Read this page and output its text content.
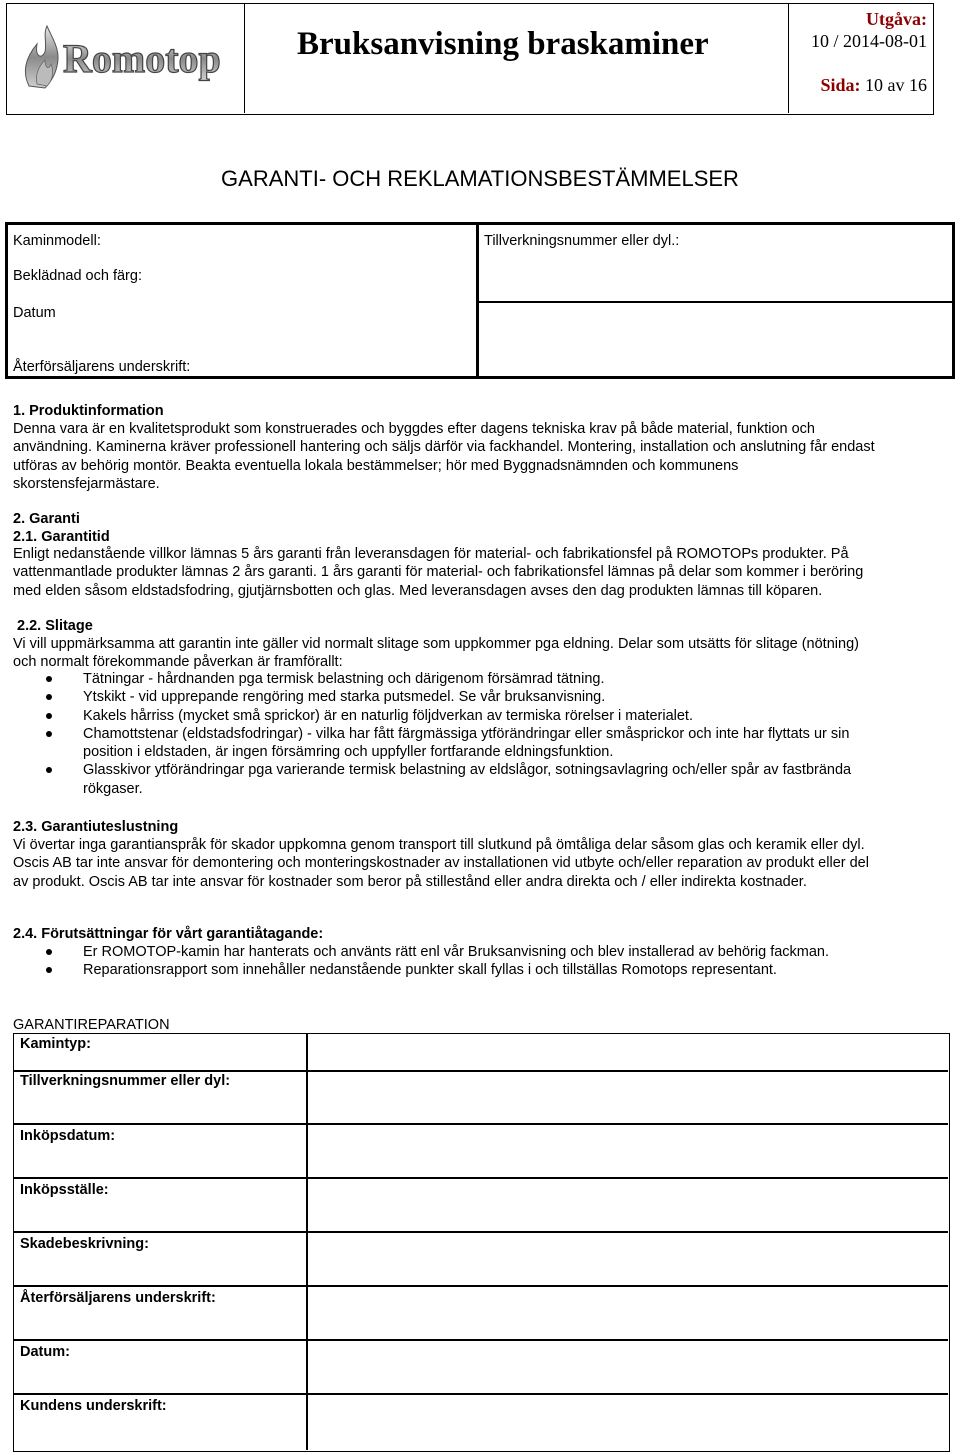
Romotop Bruksanvisning braskaminer
Utgåva:
10 / 2014-08-01
Sida: 10 av 16
GARANTI- OCH REKLAMATIONSBESTÄMMELSER
Kaminmodell:
Beklädnad och färg:
Datum
Återförsäljarens underskrift:
Tillverkningsnummer eller dyl.:
1. Produktinformation
Denna vara är en kvalitetsprodukt som konstruerades och byggdes efter dagens tekniska krav på både material, funktion och
användning. Kaminerna kräver professionell hantering och säljs därför via fackhandel. Montering, installation och anslutning får endast
utföras av behörig montör. Beakta eventuella lokala bestämmelser; hör med Byggnadsnämnden och kommunens
skorstensfejarmästare.
2. Garanti
2.1. Garantitid
Enligt nedanstående villkor lämnas 5 års garanti från leveransdagen för material- och fabrikationsfel på ROMOTOPs produkter. På
vattenmantlade produkter lämnas 2 års garanti. 1 års garanti för material- och fabrikationsfel lämnas på delar som kommer i beröring
med elden såsom eldstadsfodring, gjutjärnsbotten och glas. Med leveransdagen avses den dag produkten lämnas till köparen.
2.2. Slitage
Vi vill uppmärksamma att garantin inte gäller vid normalt slitage som uppkommer pga eldning. Delar som utsätts för slitage (nötning)
och normalt förekommande påverkan är framförallt:
Tätningar - hårdnanden pga termisk belastning och därigenom försämrad tätning.
Ytskikt - vid upprepande rengöring med starka putsmedel. Se vår bruksanvisning.
Kakels hårriss (mycket små sprickor) är en naturlig följdverkan av termiska rörelser i materialet.
Chamottstenar (eldstadsfodringar) - vilka har fått färgmässiga ytförändringar eller småsprickor och inte har flyttats ur sin
position i eldstaden, är ingen försämring och uppfyller fortfarande eldningsfunktion.
Glasskivor ytförändringar pga varierande termisk belastning av eldslågor, sotningsavlagring och/eller spår av fastbrända
rökgaser.
2.3. Garantiuteslustning
Vi övertar inga garantianspråk för skador uppkomna genom transport till slutkund på ömtåliga delar såsom glas och keramik eller dyl.
Oscis AB tar inte ansvar för demontering och monteringskostnader av installationen vid utbyte och/eller reparation av produkt eller del
av produkt. Oscis AB tar inte ansvar för kostnader som beror på stillestånd eller andra direkta och / eller indirekta kostnader.
2.4. Förutsättningar för vårt garantiåtagande:
Er ROMOTOP-kamin har hanterats och använts rätt enl vår Bruksanvisning och blev installerad av behörig fackman.
Reparationsrapport som innehåller nedanstående punkter skall fyllas i och tillställas Romotops representant.
GARANTIREPARATION
Kamintyp:
Tillverkningsnummer eller dyl:
Inköpsdatum:
Inköpsställe:
Skadebeskrivning:
Återförsäljarens underskrift:
Datum:
Kundens underskrift:
